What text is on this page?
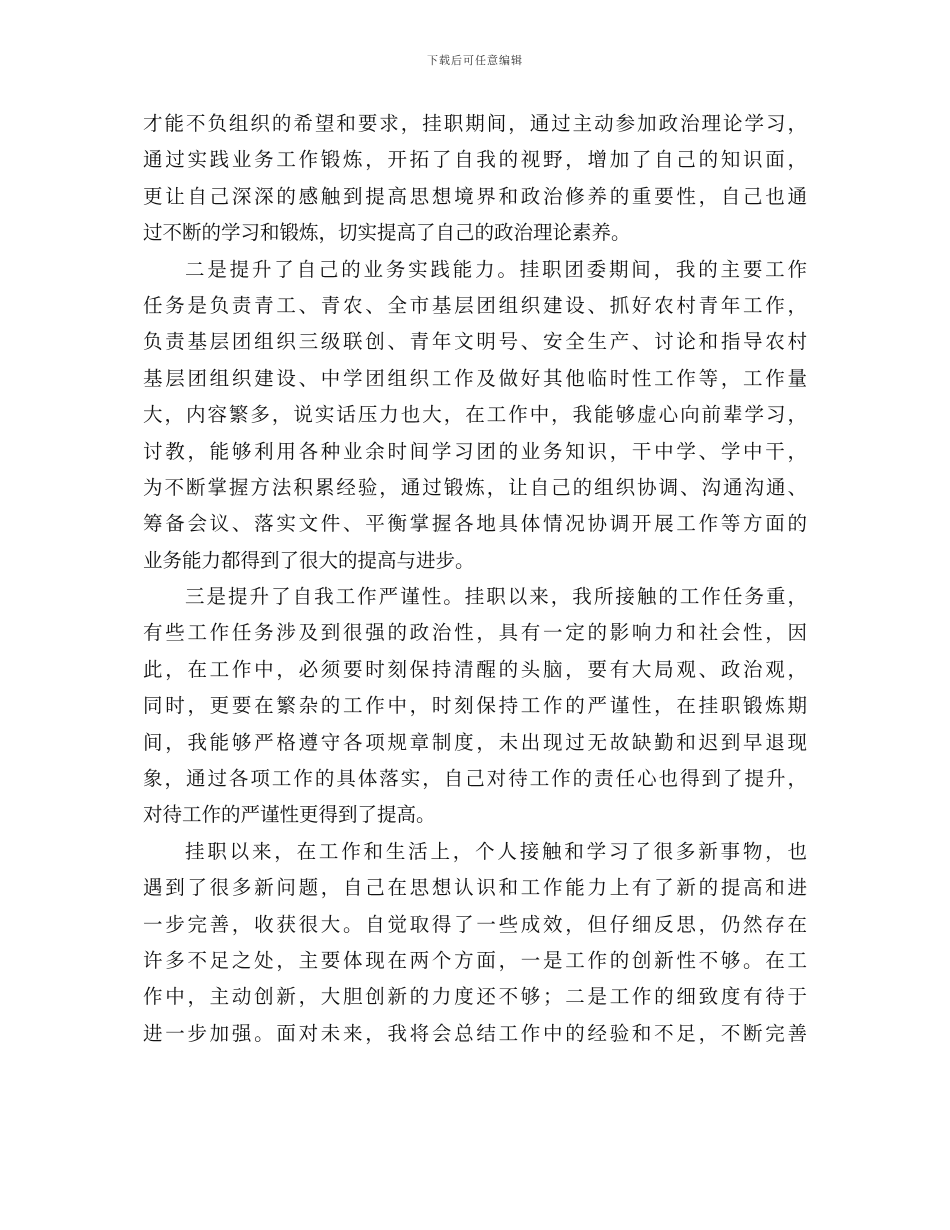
下载后可任意编辑
才能不负组织的希望和要求，挂职期间，通过主动参加政治理论学习，
通过实践业务工作锻炼，开拓了自我的视野，增加了自己的知识面，
更让自己深深的感触到提高思想境界和政治修养的重要性，自己也通
过不断的学习和锻炼，切实提高了自己的政治理论素养。
二是提升了自己的业务实践能力。挂职团委期间，我的主要工作
任务是负责青工、青农、全市基层团组织建设、抓好农村青年工作，
负责基层团组织三级联创、青年文明号、安全生产、讨论和指导农村
基层团组织建设、中学团组织工作及做好其他临时性工作等，工作量
大，内容繁多，说实话压力也大，在工作中，我能够虚心向前辈学习，
讨教，能够利用各种业余时间学习团的业务知识，干中学、学中干，
为不断掌握方法积累经验，通过锻炼，让自己的组织协调、沟通沟通、
筹备会议、落实文件、平衡掌握各地具体情况协调开展工作等方面的
业务能力都得到了很大的提高与进步。
三是提升了自我工作严谨性。挂职以来，我所接触的工作任务重，
有些工作任务涉及到很强的政治性，具有一定的影响力和社会性，因
此，在工作中，必须要时刻保持清醒的头脑，要有大局观、政治观，
同时，更要在繁杂的工作中，时刻保持工作的严谨性，在挂职锻炼期
间，我能够严格遵守各项规章制度，未出现过无故缺勤和迟到早退现
象，通过各项工作的具体落实，自己对待工作的责任心也得到了提升，
对待工作的严谨性更得到了提高。
挂职以来，在工作和生活上，个人接触和学习了很多新事物，也
遇到了很多新问题，自己在思想认识和工作能力上有了新的提高和进
一步完善，收获很大。自觉取得了一些成效，但仔细反思，仍然存在
许多不足之处，主要体现在两个方面，一是工作的创新性不够。在工
作中，主动创新，大胆创新的力度还不够；二是工作的细致度有待于
进一步加强。面对未来，我将会总结工作中的经验和不足，不断完善
